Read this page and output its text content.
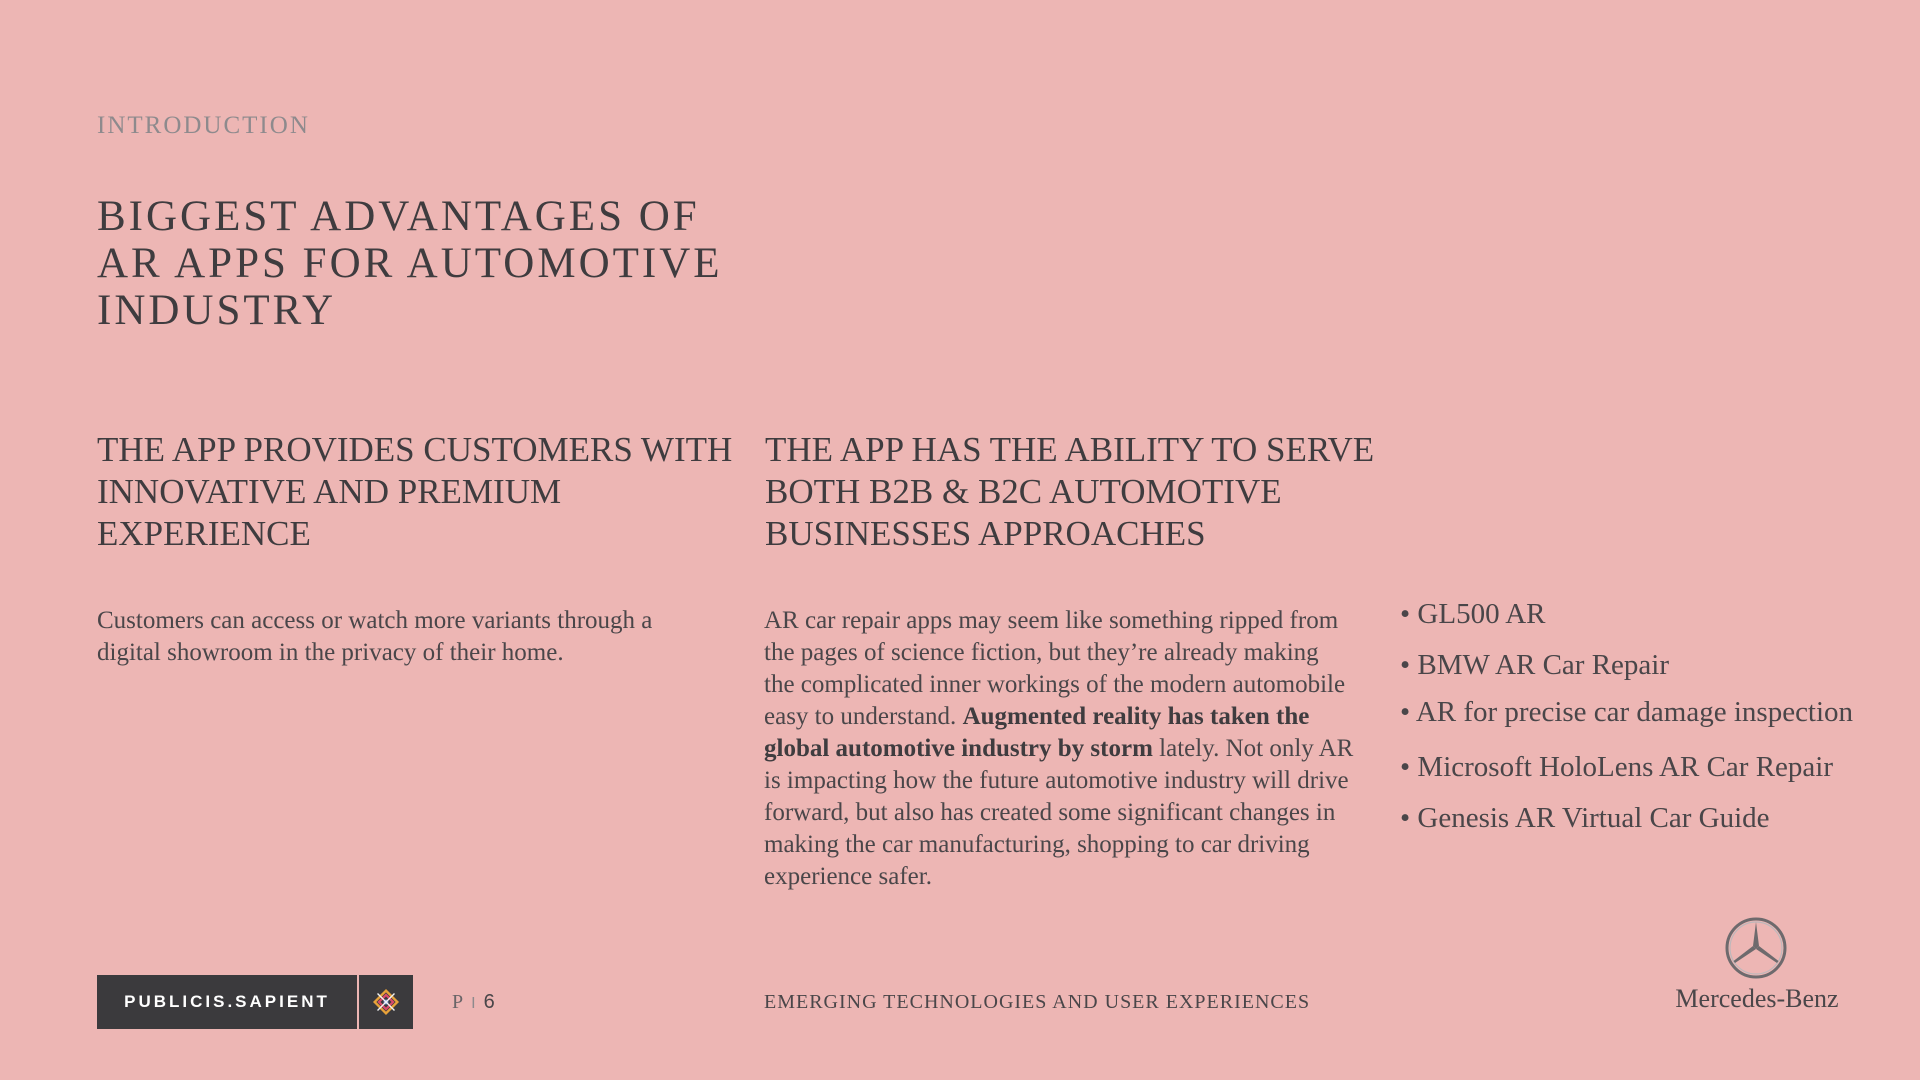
INTRODUCTION
BIGGEST ADVANTAGES OF AR APPS FOR AUTOMOTIVE INDUSTRY
THE APP PROVIDES CUSTOMERS WITH INNOVATIVE AND PREMIUM EXPERIENCE
THE APP HAS THE ABILITY TO SERVE BOTH B2B & B2C AUTOMOTIVE BUSINESSES APPROACHES
Customers can access or watch more variants through a digital showroom in the privacy of their home.
AR car repair apps may seem like something ripped from the pages of science fiction, but they’re already making the complicated inner workings of the modern automobile easy to understand. Augmented reality has taken the global automotive industry by storm lately. Not only AR is impacting how the future automotive industry will drive forward, but also has created some significant changes in making the car manufacturing, shopping to car driving experience safer.
• GL500 AR
• BMW AR Car Repair
• AR for precise car damage inspection
• Microsoft HoloLens AR Car Repair
• Genesis AR Virtual Car Guide
PUBLICIS.SAPIENT	P I 6	EMERGING TECHNOLOGIES AND USER EXPERIENCES	Mercedes-Benz
